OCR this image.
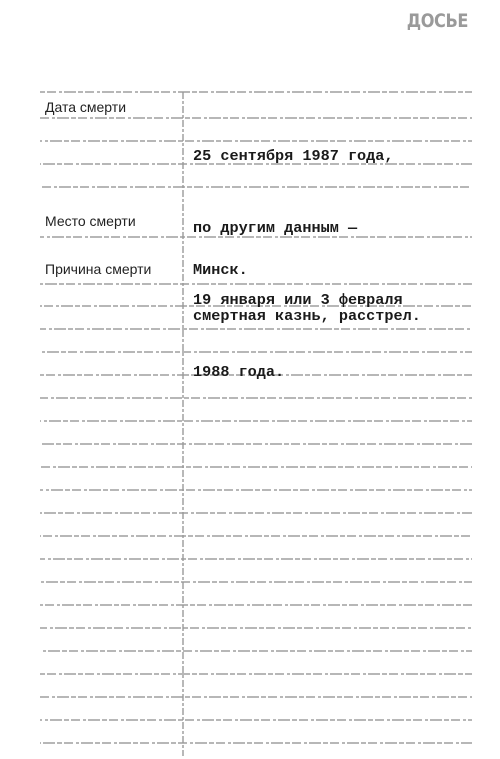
ДОСЬЕ
Дата смерти

25 сентября 1987 года,

по другим данным —

19 января или 3 февраля

1988 года.

Место смерти

Минск.

Причина смерти

смертная казнь, расстрел.
